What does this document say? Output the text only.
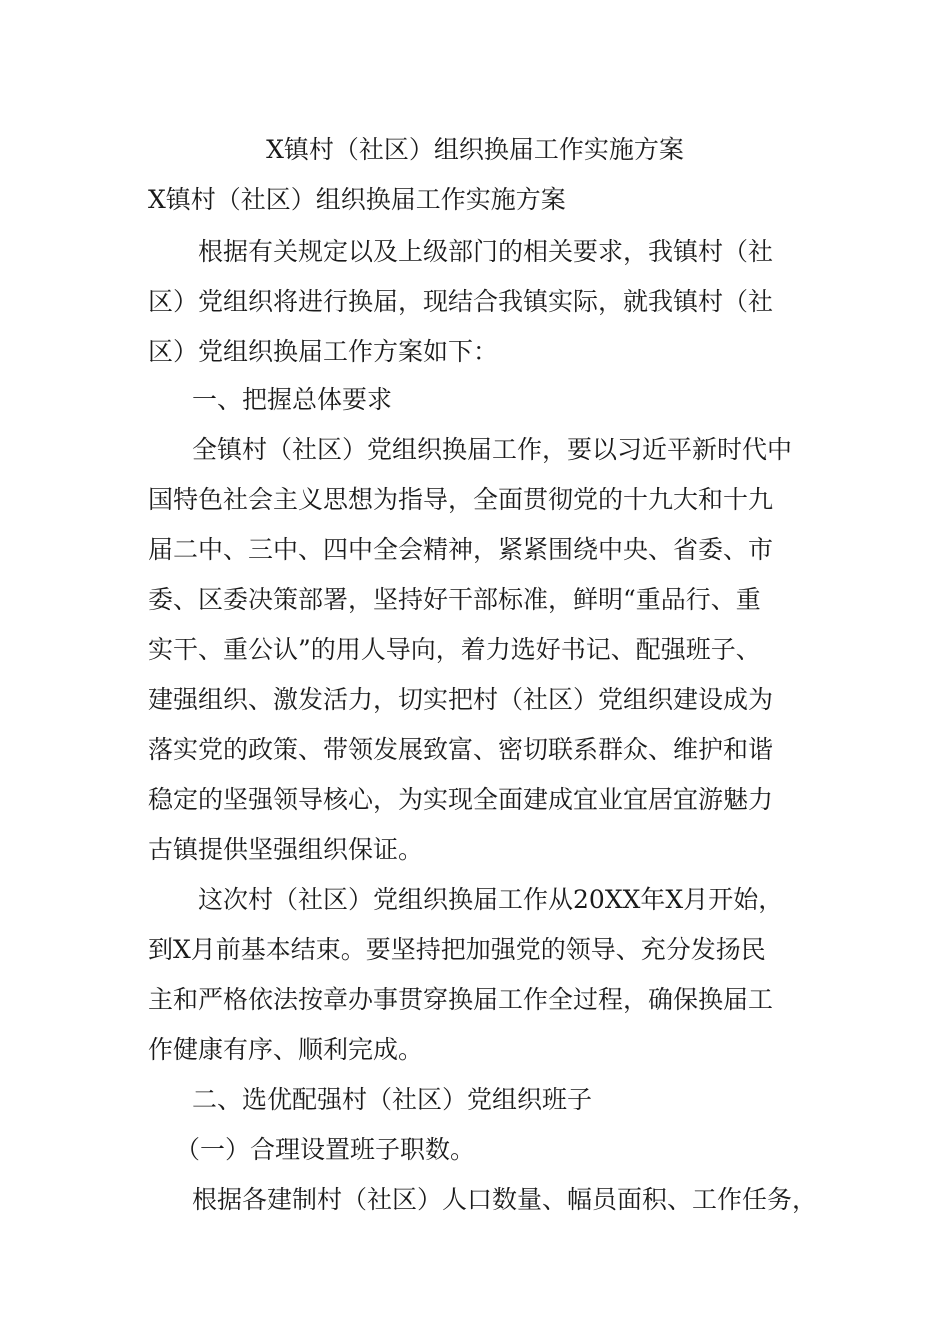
X镇村（社区）组织换届工作实施方案
X镇村（社区）组织换届工作实施方案
根据有关规定以及上级部门的相关要求，我镇村（社
区）党组织将进行换届，现结合我镇实际，就我镇村（社
区）党组织换届工作方案如下：
一、把握总体要求
全镇村（社区）党组织换届工作，要以习近平新时代中
国特色社会主义思想为指导，全面贯彻党的十九大和十九
届二中、三中、四中全会精神，紧紧围绕中央、省委、市
委、区委决策部署，坚持好干部标准，鲜明“重品行、重
实干、重公认”的用人导向，着力选好书记、配强班子、
建强组织、激发活力，切实把村（社区）党组织建设成为
落实党的政策、带领发展致富、密切联系群众、维护和谐
稳定的坚强领导核心，为实现全面建成宜业宜居宜游魅力
古镇提供坚强组织保证。
这次村（社区）党组织换届工作从20XX年X月开始，
到X月前基本结束。要坚持把加强党的领导、充分发扬民
主和严格依法按章办事贯穿换届工作全过程，确保换届工
作健康有序、顺利完成。
二、选优配强村（社区）党组织班子
（一）合理设置班子职数。
根据各建制村（社区）人口数量、幅员面积、工作任务，
